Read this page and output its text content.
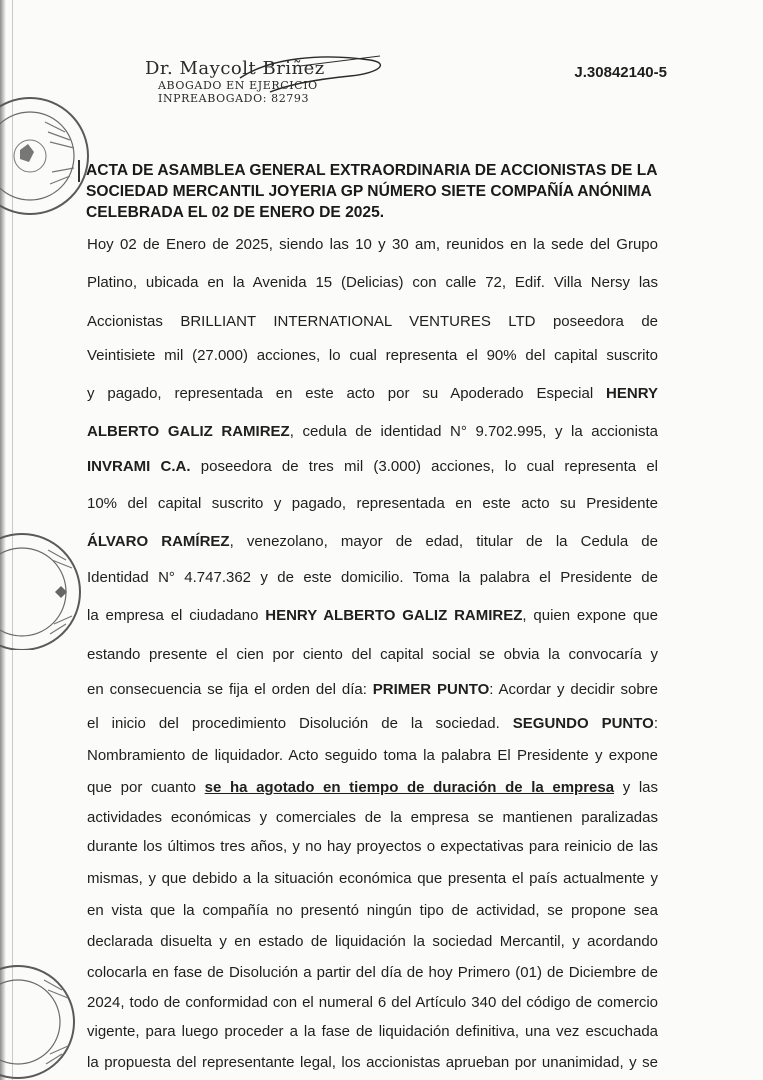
Dr. Maycolt Briñez
ABOGADO EN EJERCICIO
INPREABOGADO: 82793
J.30842140-5
ACTA DE ASAMBLEA GENERAL EXTRAORDINARIA DE ACCIONISTAS DE LA
SOCIEDAD MERCANTIL JOYERIA GP NÚMERO SIETE COMPAÑÍA ANÓNIMA
CELEBRADA EL 02 DE ENERO DE 2025.
Hoy 02 de Enero de 2025, siendo las 10 y 30 am, reunidos en la sede del Grupo
Platino, ubicada en la Avenida 15 (Delicias) con calle 72, Edif. Villa Nersy las
Accionistas BRILLIANT INTERNATIONAL VENTURES LTD poseedora de
Veintisiete mil (27.000) acciones, lo cual representa el 90% del capital suscrito
y pagado, representada en este acto por su Apoderado Especial HENRY
ALBERTO GALIZ RAMIREZ, cedula de identidad N° 9.702.995, y la accionista
INVRAMI C.A. poseedora de tres mil (3.000) acciones, lo cual representa el
10% del capital suscrito y pagado, representada en este acto su Presidente
ÁLVARO RAMÍREZ, venezolano, mayor de edad, titular de la Cedula de
Identidad N° 4.747.362 y de este domicilio. Toma la palabra el Presidente de
la empresa el ciudadano HENRY ALBERTO GALIZ RAMIREZ, quien expone que
estando presente el cien por ciento del capital social se obvia la convocaría y
en consecuencia se fija el orden del día: PRIMER PUNTO: Acordar y decidir sobre
el inicio del procedimiento Disolución de la sociedad. SEGUNDO PUNTO:
Nombramiento de liquidador. Acto seguido toma la palabra El Presidente y expone
que por cuanto se ha agotado en tiempo de duración de la empresa y las
actividades económicas y comerciales de la empresa se mantienen paralizadas
durante los últimos tres años, y no hay proyectos o expectativas para reinicio de las
mismas, y que debido a la situación económica que presenta el país actualmente y
en vista que la compañía no presentó ningún tipo de actividad, se propone sea
declarada disuelta y en estado de liquidación la sociedad Mercantil, y acordando
colocarla en fase de Disolución a partir del día de hoy Primero (01) de Diciembre de
2024, todo de conformidad con el numeral 6 del Artículo 340 del código de comercio
vigente, para luego proceder a la fase de liquidación definitiva, una vez escuchada
la propuesta del representante legal, los accionistas aprueban por unanimidad, y se
